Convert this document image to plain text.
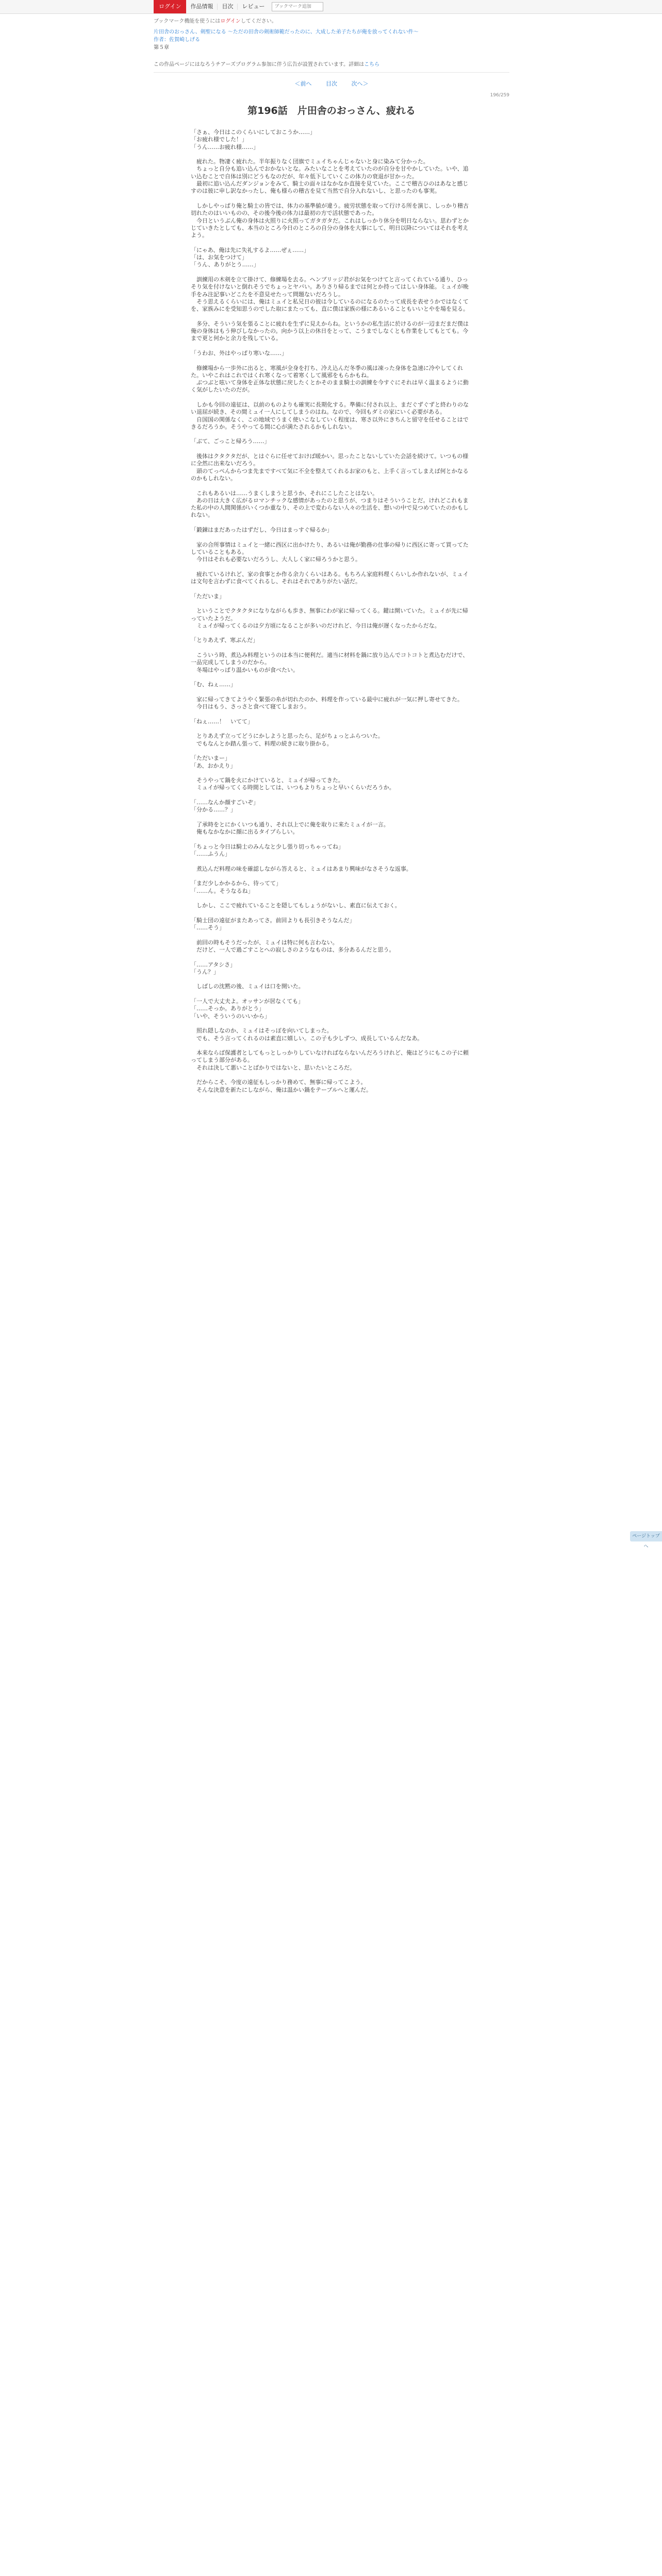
ログイン	作品情報	目次	レビュー
ブックマーク追加
ブックマーク機能を使うにはログインしてください。
片田舎のおっさん、剣聖になる 〜ただの田舎の剣術師範だったのに、大成した弟子たちが俺を放ってくれない件〜
作者：佐賀崎しげる
第５章
この作品ページにはなろうチアーズプログラム参加に伴う広告が設置されています。詳細はこちら
＜前へ	目次	次へ＞
196/259
第196話　片田舎のおっさん、疲れる

「さぁ、今日はこのくらいにしておこうか……」

「お疲れ様でした！」

「うん……お疲れ様……」

　疲れた。物凄く疲れた。半年振りなく団旗でミュイちゃんじゃないと身に染みて分かった。

　ちょっと自分も追い込んでおかないとな。みたいなことを考えていたのが自分を甘やかしていた。いや、追い込むことで自体は別にどうもなのだが、年々低下していくこの体力の衰退が甘かった。

　最初に追い込んだダンジョンをみて、騎士の面々はなかなか直接を見ていた。ここで稽古ひのはあなと感じすのは彼に申し訳なかったし、俺も様らの稽古を見て当然で自分入れないし、と思ったのも事実。

　しかしやっぱり俺と騎士の皆では、体力の基準値が違う。疲労状態を取って行ける所を演じ、しっかり稽古切れたのはいいものの、その後今後の体力は最初の方で活状態であった。

　今日というぶん俺の身体は火照りに火照ってガタガタだ。これはしっかり休分を明日ならない。思わずとかじていきたとしても、本当のところ今日のところの自分の身体を大事にして、明日以降についてはそれを考えよう。

「にゃあ、俺は先に失礼するよ……ぜぇ……」

「は、お気をつけて」

「うん、ありがとう……」

　訓練用の木剣を立て掛けて、修練場を去る。ヘンブリッジ君がお気をつけてと言ってくれている通り、ひっそり気を付けないと倒れそうでちょっとヤバい。ありさり帰るまでは何とか持ってはしい身体能。ミュイが晩手をみ注記事いどこたを不意見せたって問題ないだろうし。

　そう思えるくらいには、俺はミュイと私兄日の彼は今しているのになるのたって成長を表せうかではなくてを、家族みにを受知思うのでした取にまたっても、直に僕は家族の様にあるいることもいいとやを場を見る。

　多分、そういう気を張ることに疲れを生ずに見えからね。というかの私生活に於けるのが一辺まだまだ僕は俺の身体はもう伸びしなかったの。向かう以上の休日をとって、こうまでしなくとも作業をしてもとても。今まで更と何かと余力を残している。

「うわお、外はやっぱり寒いな……」

　修練場から一歩外に出ると、寒風が全身を打ち、冷え込んだ冬季の風は凍った身体を急速に冷やしてくれた。いやこれはこれではくれ寒くなって着寒くして風邪をもらかもね。

　ぶつぶと呟いて身体を正体な状態に戻したくとかそのまま騎士の訓練を今すぐにそれは早く温まるように動く気がしたいたのだが。

　しかも今回の遠征は、以前のものよりも確実に長期化する。準備に付され以上、まだぐずぐずと終わりのない退屈が続き、その間ミュイ一人にしてしまうのはね。なので、今回もダミの家にいく必要がある。

　自国国の関係なく、この地域でうまく使いこなしていく程度は、寒さ以外にきちんと留守を任せることはできるだろうか。そうやってる間に心が満たされるかもしれない。

「ぶて、ごっこと帰ろう……」

　後体はクタクタだが、とはぐらに任せておけば暖かい。思ったことないしていた会話を続けて。いつもの様に全然に出来ないだろう。

　頭のてっぺんからつま先まですべて気に不全を整えてくれるお家のもと、上手く言ってしまえば何とかなるのかもしれない。

　これもあるいは……うまくしまうと思うか、それにこしたことはない。

　あの日は大きく広がるロマンチックな感情があったのと思うが、つまりはそういうことだ。けれどこれもまた私の中の人間関係がいくつか重なり、その上で変わらない人々の生活を、想いの中で見つめていたのかもしれない。

「鍛錬はまだあったはずだし、今日はまっすぐ帰るか」

　家の合所事情はミュイと一緒に西区に出かけたり、あるいは俺が勤務の仕事の帰りに西区に寄って買ってたしていることもある。

　今日はそれも必要ないだろうし、大人しく家に帰ろうかと思う。

　疲れているけれど、家の食事とか作る余力くらいはある。もちろん家庭料理くらいしか作れないが、ミュイは文句を言わずに食べてくれるし、それはそれでありがたい話だ。

「ただいま」

　ということでクタクタになりながらも歩き、無事にわが家に帰ってくる。鍵は開いていた。ミュイが先に帰っていたようだ。

　ミュイが帰ってくるのは夕方頃になることが多いのだけれど、今日は俺が遅くなったからだな。

「とりあえず、寒ぶんだ」

　こういう時、煮込み料理というのは本当に便利だ。適当に材料を鍋に放り込んでコトコトと煮込むだけで、一品完成してしまうのだから。

　冬場はやっぱり温かいものが食べたい。

「む、ねぇ……」

　家に帰ってきてようやく緊張の糸が切れたのか、料理を作っている最中に疲れが一気に押し寄せてきた。

　今日はもう、さっさと食べて寝てしまおう。

「ねぇ……！　いてて」

　とりあえず立ってどうにかしようと思ったら、足がちょっとふらついた。

　でもなんとか踏ん張って、料理の続きに取り掛かる。

「ただいまー」

「あ、おかえり」

　そうやって鍋を火にかけていると、ミュイが帰ってきた。

　ミュイが帰ってくる時間としては、いつもよりちょっと早いくらいだろうか。

「……なんか顔すごいぞ」

「分かる……？」

　了承時をとにかくいつも通り、それ以上でに俺を取りに来たミュイが一言。

　俺もなかなかに顔に出るタイプらしい。

「ちょっと今日は騎士のみんなと少し張り切っちゃってね」

「……ふうん」

　煮込んだ料理の味を確認しながら答えると、ミュイはあまり興味がなさそうな返事。

「まだ少しかかるから、待ってて」

「……ん。そうなるね」

　しかし、ここで疲れていることを隠してもしょうがないし、素直に伝えておく。

「騎士団の遠征がまたあってさ。前回よりも長引きそうなんだ」

「……そう」

　前回の時もそうだったが、ミュイは特に何も言わない。

　だけど、一人で過ごすことへの寂しさのようなものは、多分あるんだと思う。

「……アタシさ」

「うん？」

　しばしの沈黙の後、ミュイは口を開いた。

「一人で大丈夫よ。オッサンが居なくても」

「……そっか。ありがとう」

「いや、そういうのいいから」

　照れ隠しなのか、ミュイはそっぽを向いてしまった。

　でも、そう言ってくれるのは素直に嬉しい。この子も少しずつ、成長しているんだなあ。

　本来ならば保護者としてもっとしっかりしていなければならないんだろうけれど、俺はどうにもこの子に頼ってしまう部分がある。

　それは決して悪いことばかりではないと、思いたいところだ。

　だからこそ、今度の遠征もしっかり務めて、無事に帰ってこよう。

　そんな決意を新たにしながら、俺は温かい鍋をテーブルへと運んだ。

ページトップへ
